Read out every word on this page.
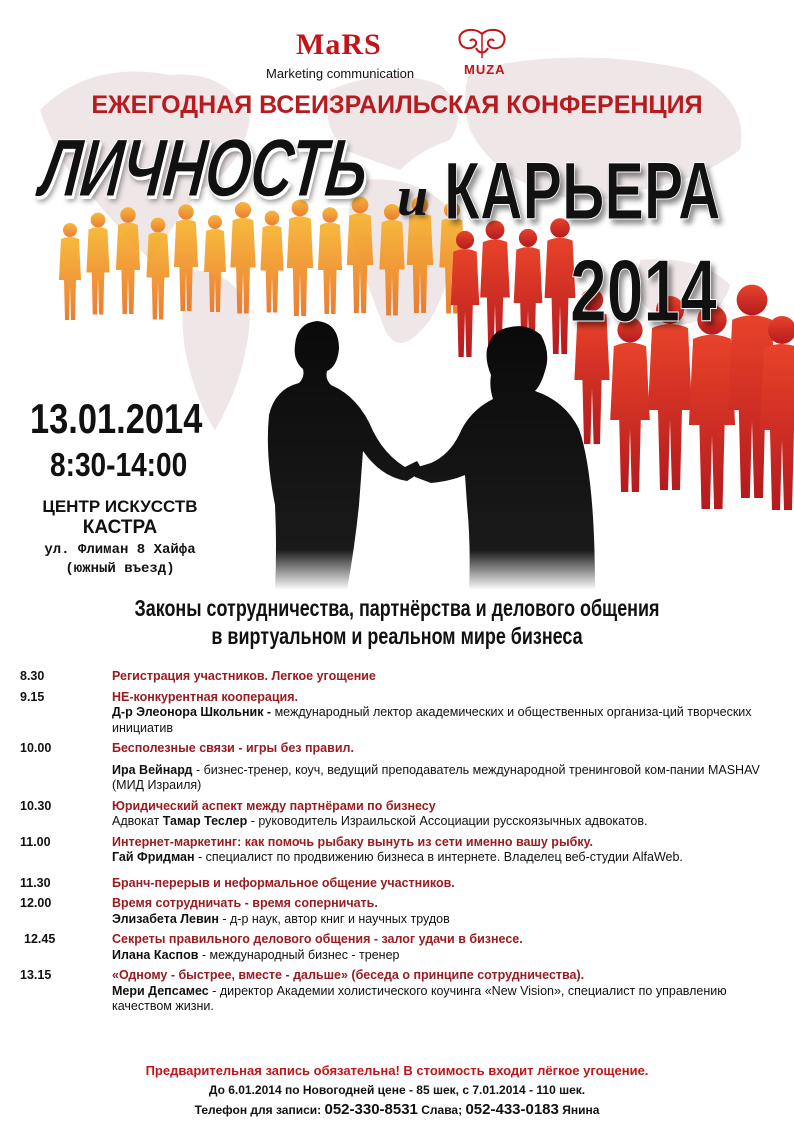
MaRS
Marketing communication	MUZA
ЕЖЕГОДНАЯ ВСЕИЗРАИЛЬСКАЯ КОНФЕРЕНЦИЯ
ЛИЧНОСТЬ и КАРЬЕРА
2014
13.01.2014
8:30-14:00
ЦЕНТР ИСКУССТВ
КАСТРА
ул. Флиман 8 Хайфа
(южный въезд)
Законы сотрудничества, партнёрства и делового общения
в виртуальном и реальном мире бизнеса
8.30	Регистрация участников. Легкое угощение
9.15	НЕ-конкурентная кооперация.
Д-р Элеонора Школьник - международный лектор академических и общественных организа-ций творческих инициатив
10.00	Бесполезные связи - игры без правил.
Ира Вейнард - бизнес-тренер, коуч, ведущий преподаватель международной тренинговой ком-пании MASHAV (МИД Израиля)
10.30	Юридический аспект между партнёрами по бизнесу
Адвокат Тамар Теслер - руководитель Израильской Ассоциации русскоязычных адвокатов.
11.00	Интернет-маркетинг: как помочь рыбаку вынуть из сети именно вашу рыбку.
Гай Фридман - специалист по продвижению бизнеса в интернете. Владелец веб-студии AlfaWeb.
11.30	Бранч-перерыв и неформальное общение участников.
12.00	Время сотрудничать - время соперничать.
Элизабета Левин - д-р наук, автор книг и научных трудов
12.45	Секреты правильного делового общения - залог удачи в бизнесе.
Илана Каспов - международный бизнес - тренер
13.15	«Одному - быстрее, вместе - дальше» (беседа о принципе сотрудничества).
Мери Депсамес - директор Академии холистического коучинга «New Vision», специалист по управлению качеством жизни.
Предварительная запись обязательна! В стоимость входит лёгкое угощение.
До 6.01.2014 по Новогодней цене - 85 шек, с 7.01.2014 - 110 шек.
Телефон для записи: 052-330-8531 Слава; 052-433-0183 Янина
